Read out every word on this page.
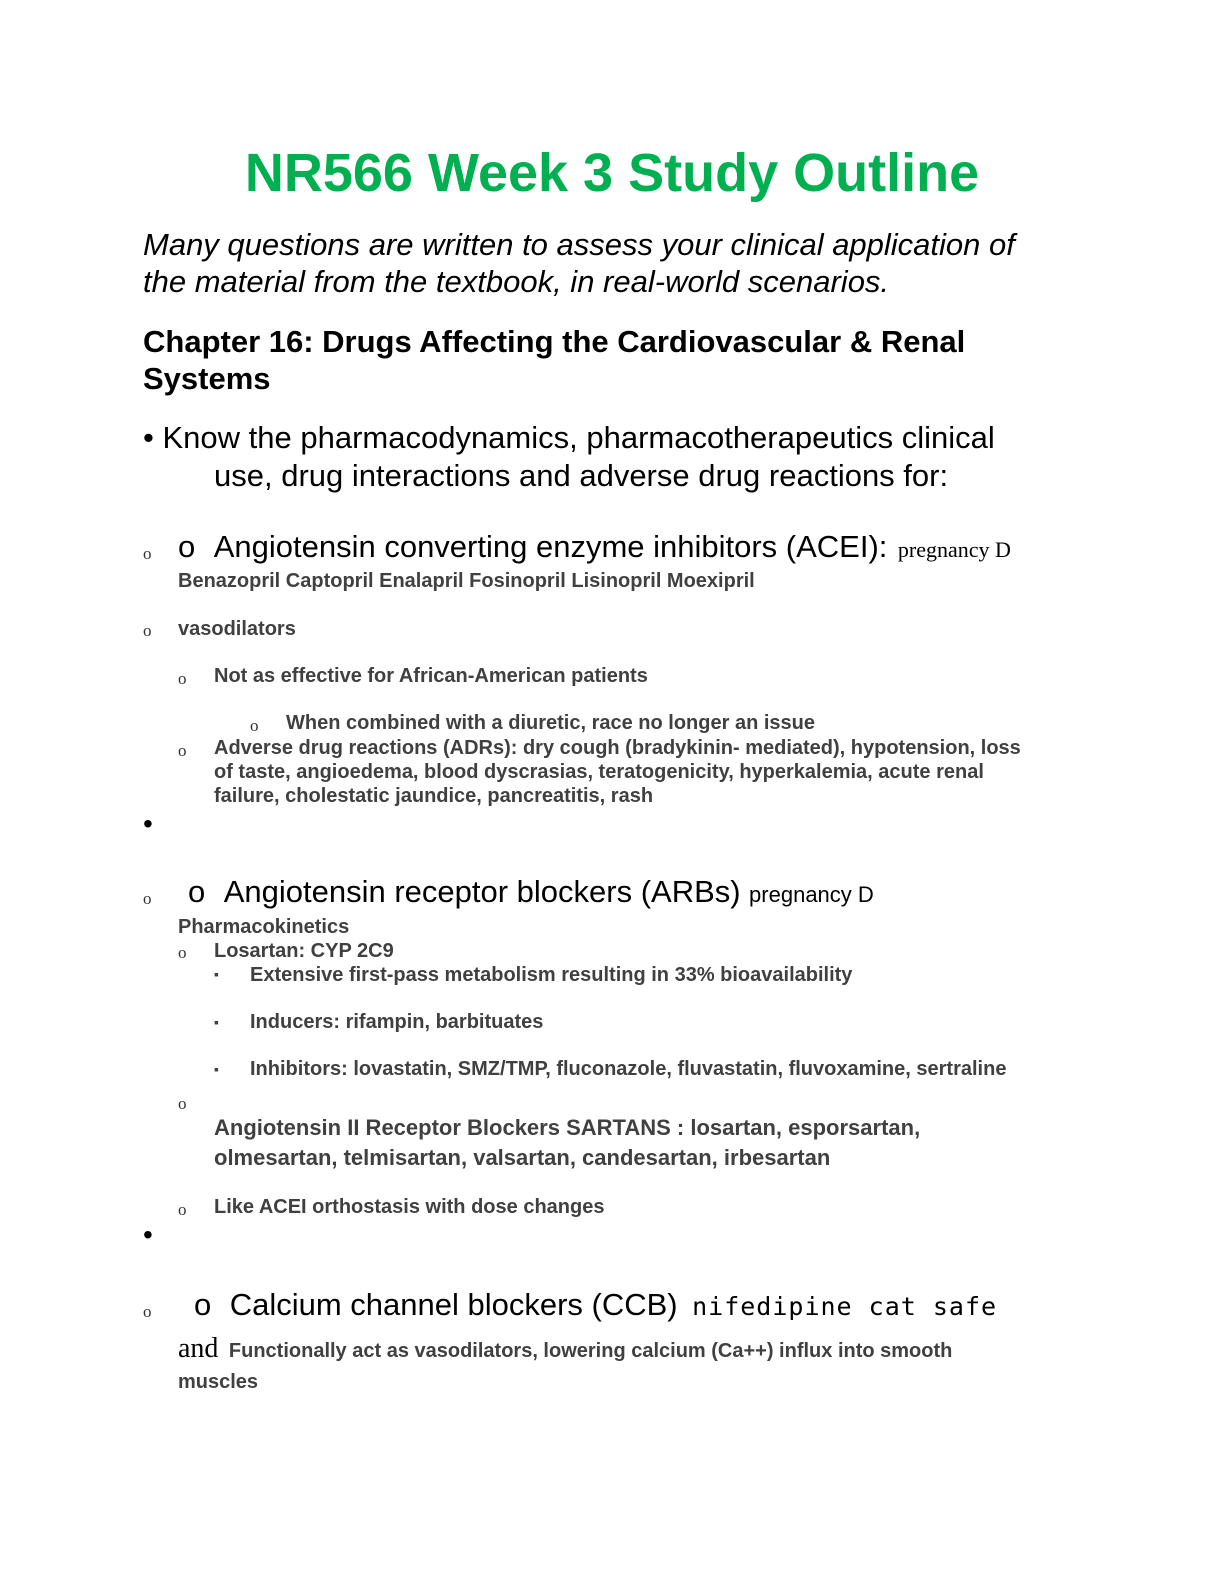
NR566 Week 3 Study Outline
Many questions are written to assess your clinical application of
the material from the textbook, in real-world scenarios.
Chapter 16: Drugs Affecting the Cardiovascular & Renal
Systems
• Know the pharmacodynamics, pharmacotherapeutics clinical
use, drug interactions and adverse drug reactions for:
o o Angiotensin converting enzyme inhibitors (ACEI): pregnancy D
Benazopril Captopril Enalapril Fosinopril Lisinopril Moexipril
o vasodilators
o Not as effective for African-American patients
o When combined with a diuretic, race no longer an issue
o Adverse drug reactions (ADRs): dry cough (bradykinin- mediated), hypotension, loss
of taste, angioedema, blood dyscrasias, teratogenicity, hyperkalemia, acute renal
failure, cholestatic jaundice, pancreatitis, rash
•
o o Angiotensin receptor blockers (ARBs) pregnancy D
Pharmacokinetics
o Losartan: CYP 2C9
▪ Extensive first-pass metabolism resulting in 33% bioavailability
▪ Inducers: rifampin, barbituates
▪ Inhibitors: lovastatin, SMZ/TMP, fluconazole, fluvastatin, fluvoxamine, sertraline
o
Angiotensin II Receptor Blockers SARTANS : losartan, esporsartan,
olmesartan, telmisartan, valsartan, candesartan, irbesartan
o Like ACEI orthostasis with dose changes
•
o o Calcium channel blockers (CCB) nifedipine cat safe
and Functionally act as vasodilators, lowering calcium (Ca++) influx into smooth
muscles
